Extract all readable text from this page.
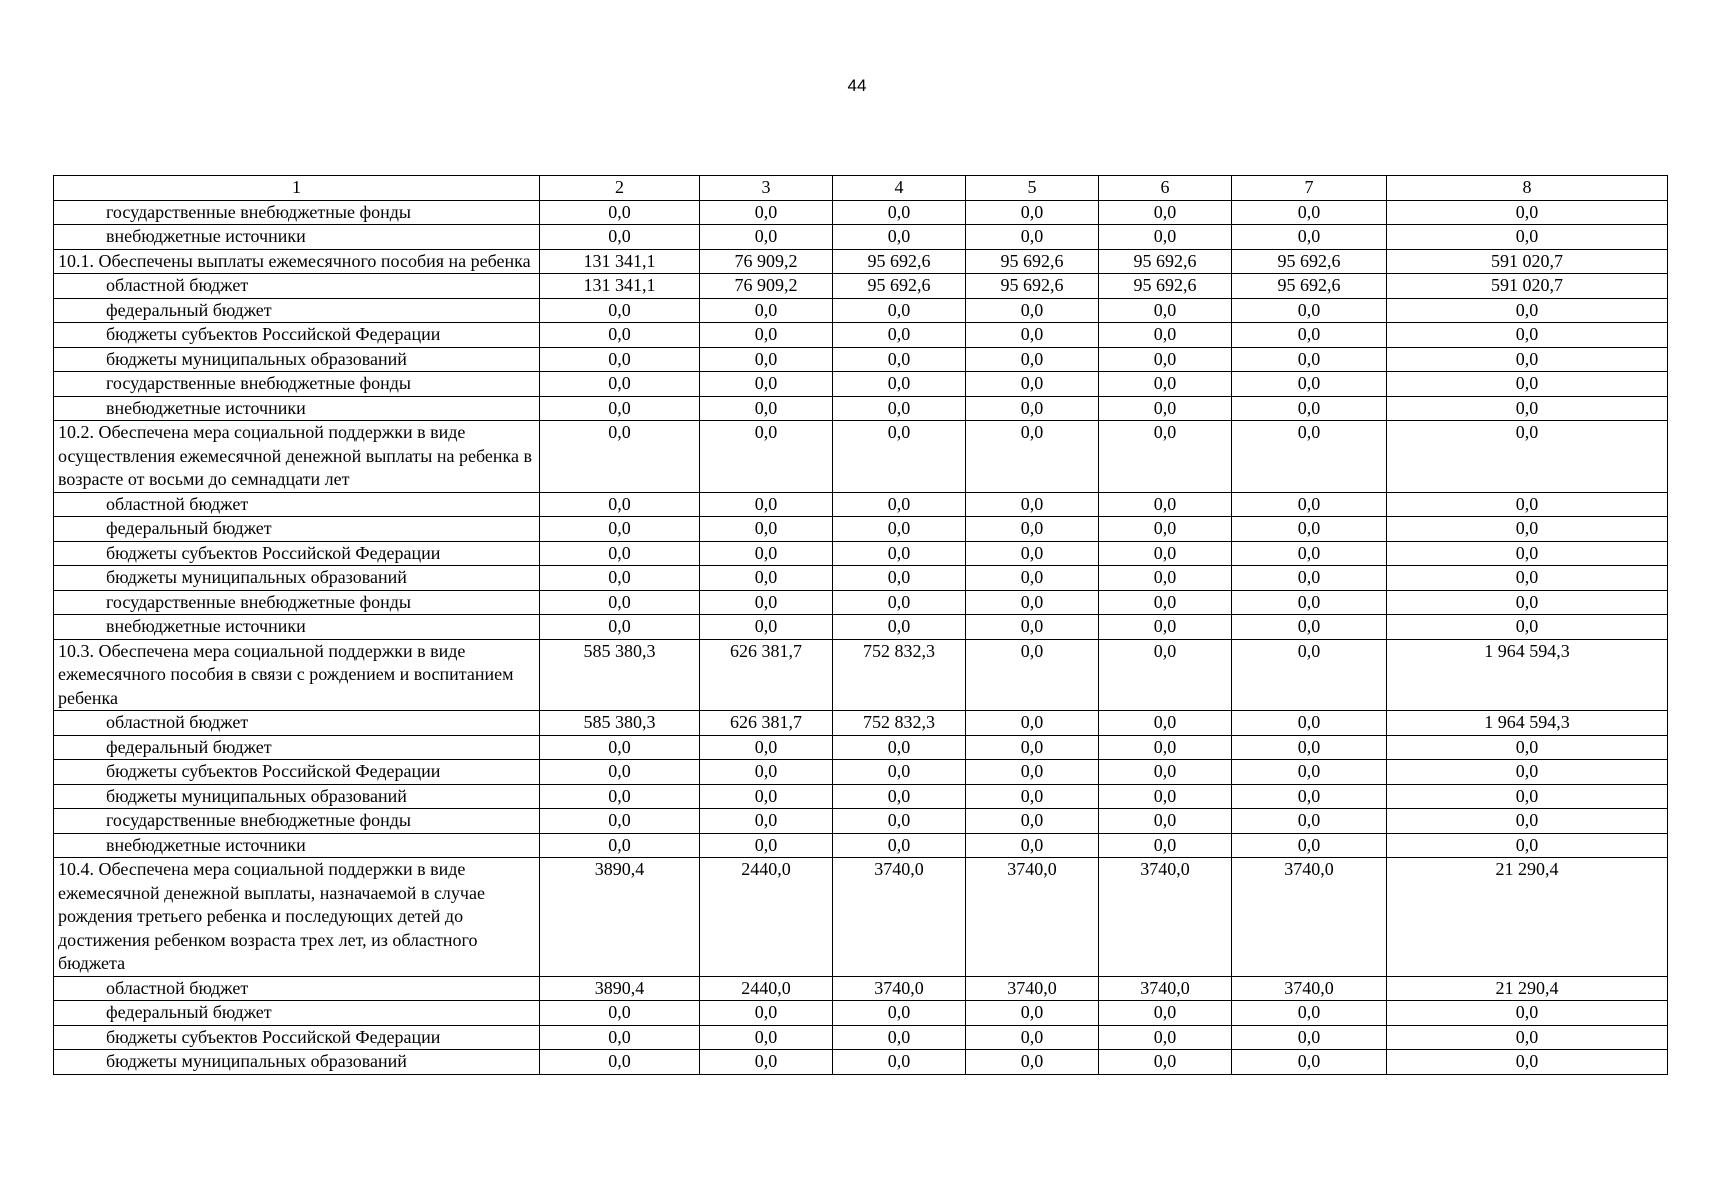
44
1	2	3	4	5	6	7	8
государственные внебюджетные фонды	0,0	0,0	0,0	0,0	0,0	0,0	0,0
внебюджетные источники	0,0	0,0	0,0	0,0	0,0	0,0	0,0
10.1. Обеспечены выплаты ежемесячного пособия на ребенка	131 341,1	76 909,2	95 692,6	95 692,6	95 692,6	95 692,6	591 020,7
областной бюджет	131 341,1	76 909,2	95 692,6	95 692,6	95 692,6	95 692,6	591 020,7
федеральный бюджет	0,0	0,0	0,0	0,0	0,0	0,0	0,0
бюджеты субъектов Российской Федерации	0,0	0,0	0,0	0,0	0,0	0,0	0,0
бюджеты муниципальных образований	0,0	0,0	0,0	0,0	0,0	0,0	0,0
государственные внебюджетные фонды	0,0	0,0	0,0	0,0	0,0	0,0	0,0
внебюджетные источники	0,0	0,0	0,0	0,0	0,0	0,0	0,0
10.2. Обеспечена мера социальной поддержки в виде осуществления ежемесячной денежной выплаты на ребенка в возрасте от восьми до семнадцати лет	0,0	0,0	0,0	0,0	0,0	0,0	0,0
областной бюджет	0,0	0,0	0,0	0,0	0,0	0,0	0,0
федеральный бюджет	0,0	0,0	0,0	0,0	0,0	0,0	0,0
бюджеты субъектов Российской Федерации	0,0	0,0	0,0	0,0	0,0	0,0	0,0
бюджеты муниципальных образований	0,0	0,0	0,0	0,0	0,0	0,0	0,0
государственные внебюджетные фонды	0,0	0,0	0,0	0,0	0,0	0,0	0,0
внебюджетные источники	0,0	0,0	0,0	0,0	0,0	0,0	0,0
10.3. Обеспечена мера социальной поддержки в виде ежемесячного пособия в связи с рождением и воспитанием ребенка	585 380,3	626 381,7	752 832,3	0,0	0,0	0,0	1 964 594,3
областной бюджет	585 380,3	626 381,7	752 832,3	0,0	0,0	0,0	1 964 594,3
федеральный бюджет	0,0	0,0	0,0	0,0	0,0	0,0	0,0
бюджеты субъектов Российской Федерации	0,0	0,0	0,0	0,0	0,0	0,0	0,0
бюджеты муниципальных образований	0,0	0,0	0,0	0,0	0,0	0,0	0,0
государственные внебюджетные фонды	0,0	0,0	0,0	0,0	0,0	0,0	0,0
внебюджетные источники	0,0	0,0	0,0	0,0	0,0	0,0	0,0
10.4. Обеспечена мера социальной поддержки в виде ежемесячной денежной выплаты, назначаемой в случае рождения третьего ребенка и последующих детей до достижения ребенком возраста трех лет, из областного бюджета	3890,4	2440,0	3740,0	3740,0	3740,0	3740,0	21 290,4
областной бюджет	3890,4	2440,0	3740,0	3740,0	3740,0	3740,0	21 290,4
федеральный бюджет	0,0	0,0	0,0	0,0	0,0	0,0	0,0
бюджеты субъектов Российской Федерации	0,0	0,0	0,0	0,0	0,0	0,0	0,0
бюджеты муниципальных образований	0,0	0,0	0,0	0,0	0,0	0,0	0,0
